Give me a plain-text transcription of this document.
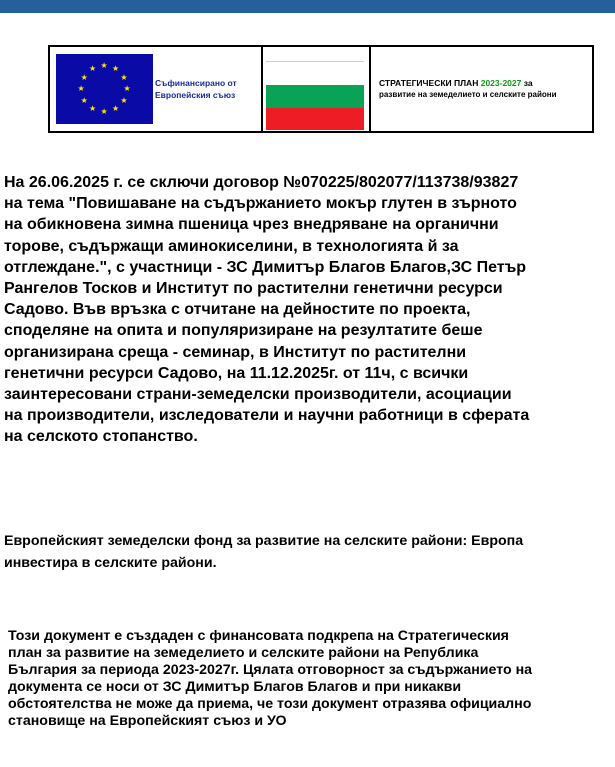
★ ★
★
★
★
★
★
★
★
★
★
★
Съфинансирано от
Европейския съюз
СТРАТЕГИЧЕСКИ ПЛАН 2023-2027 за
развитие на земеделието и селските райони
На 26.06.2025 г. се сключи договор №070225/802077/113738/93827
на тема "Повишаване на съдържанието мокър глутен в зърното
на обикновена зимна пшеница чрез внедряване на органични
торове, съдържащи аминокиселини, в технологията й за
отглеждане.", с участници - ЗС Димитър Благов Благов,ЗС Петър
Рангелов Тосков и Институт по растителни генетични ресурси
Садово. Във връзка с отчитане на дейностите по проекта,
споделяне на опита и популяризиране на резултатите беше
организирана среща - семинар, в Институт по растителни
генетични ресурси Садово, на 11.12.2025г. от 11ч, с всички
заинтересовани страни-земеделски производители, асоциации
на производители, изследователи и научни работници в сферата
на селското стопанство.
Европейският земеделски фонд за развитие на селските райони: Европа
инвестира в селските райони.
Този документ е създаден с финансовата подкрепа на Стратегическия
план за развитие на земеделието и селските райони на Република
България за периода 2023-2027г. Цялата отговорност за съдържанието на
документа се носи от ЗС Димитър Благов Благов и при никакви
обстоятелства не може да приема, че този документ отразява официално
становище на Европейският съюз и УО
